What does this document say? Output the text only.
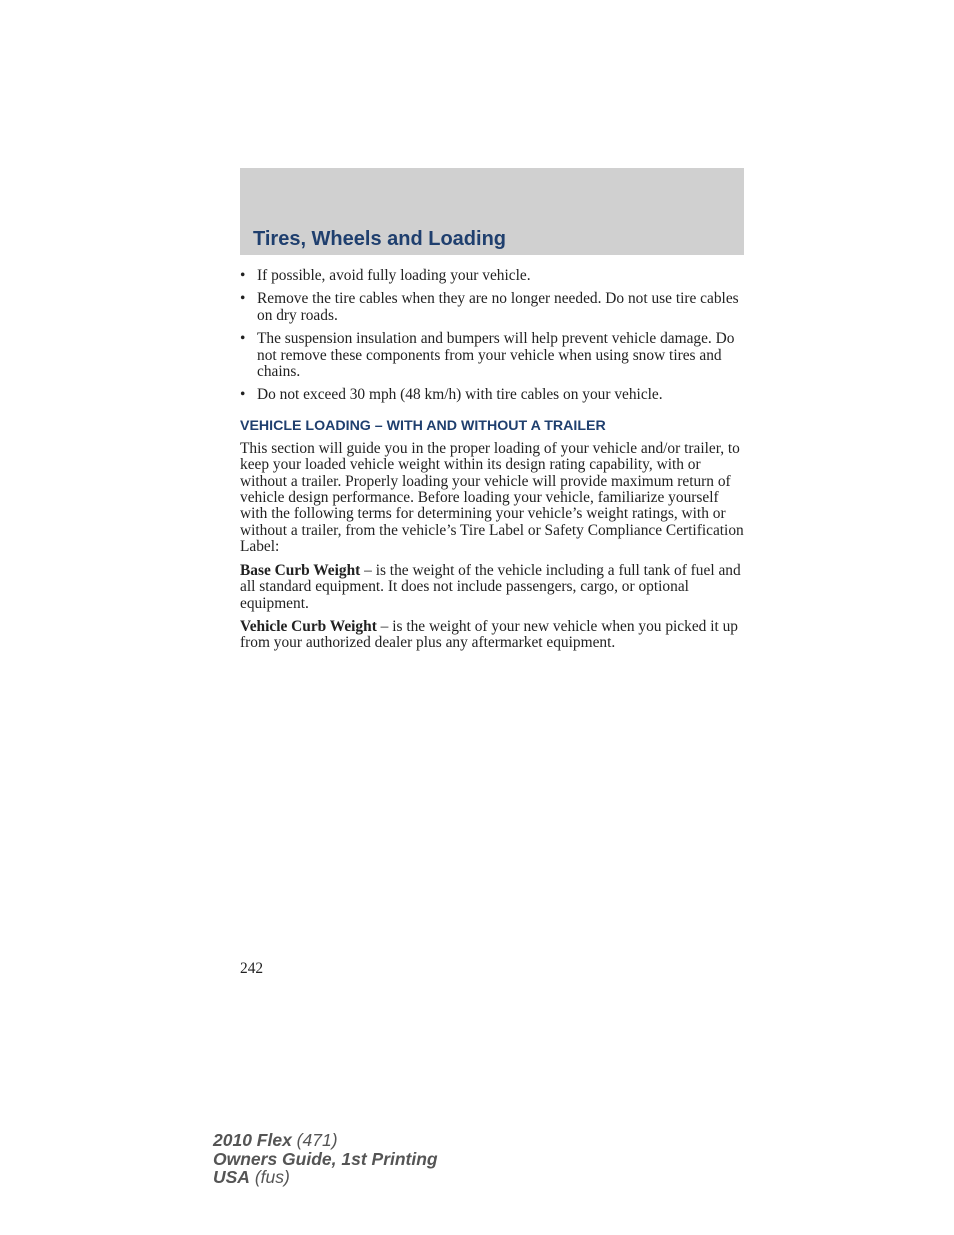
Tires, Wheels and Loading
• If possible, avoid fully loading your vehicle.
• Remove the tire cables when they are no longer needed. Do not use tire cables on dry roads.
• The suspension insulation and bumpers will help prevent vehicle damage. Do not remove these components from your vehicle when using snow tires and chains.
• Do not exceed 30 mph (48 km/h) with tire cables on your vehicle.
VEHICLE LOADING – WITH AND WITHOUT A TRAILER

This section will guide you in the proper loading of your vehicle and/or trailer, to keep your loaded vehicle weight within its design rating capability, with or without a trailer. Properly loading your vehicle will provide maximum return of vehicle design performance. Before loading your vehicle, familiarize yourself with the following terms for determining your vehicle’s weight ratings, with or without a trailer, from the vehicle’s Tire Label or Safety Compliance Certification Label:

Base Curb Weight – is the weight of the vehicle including a full tank of fuel and all standard equipment. It does not include passengers, cargo, or optional equipment.

Vehicle Curb Weight – is the weight of your new vehicle when you picked it up from your authorized dealer plus any aftermarket equipment.

242
2010 Flex (471)
Owners Guide, 1st Printing
USA (fus)
